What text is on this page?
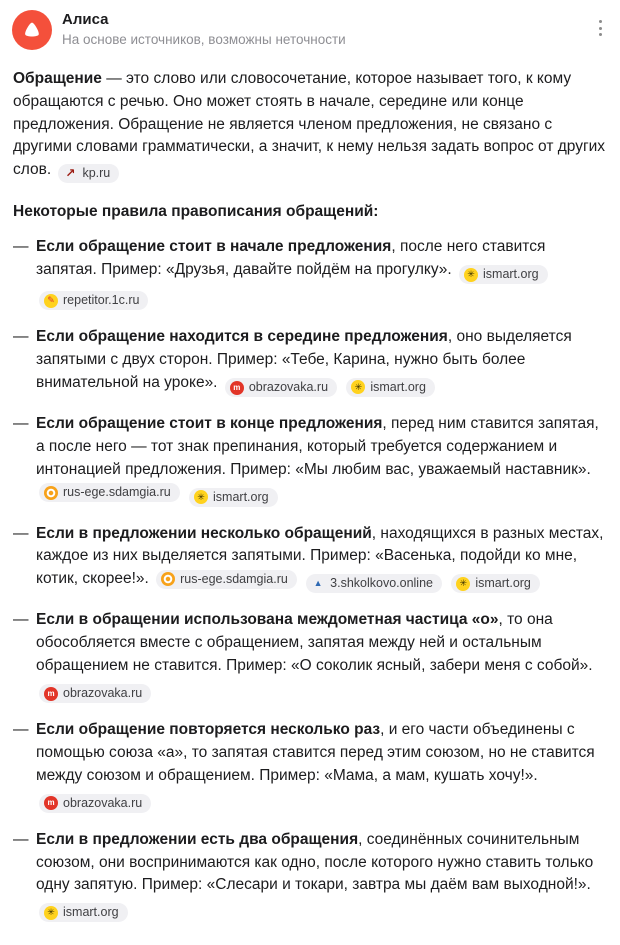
Алиса
На основе источников, возможны неточности

Обращение — это слово или словосочетание, которое называет того, к кому обращаются с речью. Оно может стоять в начале, середине или конце предложения. Обращение не является членом предложения, не связано с другими словами грамматически, а значит, к нему нельзя задать вопрос от других слов. ↗	kp.ru

Некоторые правила правописания обращений:
— Если обращение стоит в начале предложения, после него ставится запятая. Пример: «Друзья, давайте пойдём на прогулку». ✳	ismart.org

✎
repetitor.1c.ru
— Если обращение находится в середине предложения, оно выделяется запятыми с двух сторон. Пример: «Тебе, Карина, нужно быть более внимательной на уроке». m	obrazovaka.ru
✳	ismart.org
— Если обращение стоит в конце предложения, перед ним ставится запятая, а после него — тот знак препинания, который требуется содержанием и интонацией предложения. Пример: «Мы любим вас, уважаемый наставник».
rus-ege.sdamgia.ru
✳	ismart.org
— Если в предложении несколько обращений, находящихся в разных местах, каждое из них выделяется запятыми. Пример: «Васенька, подойди ко мне, котик, скорее!».	rus-ege.sdamgia.ru
▲	3.shkolkovo.online
✳	ismart.org
— Если в обращении использована междометная частица «о», то она обособляется вместе с обращением, запятая между ней и остальным обращением не ставится. Пример: «О соколик ясный, забери меня с собой».
m
obrazovaka.ru
— Если обращение повторяется несколько раз, и его части объединены с помощью союза «а», то запятая ставится перед этим союзом, но не ставится между союзом и обращением. Пример: «Мама, а мам, кушать хочу!».
m
obrazovaka.ru
— Если в предложении есть два обращения, соединённых сочинительным союзом, они воспринимаются как одно, после которого нужно ставить только одну запятую. Пример: «Слесари и токари, завтра мы даём вам выходной!».
✳
ismart.org
